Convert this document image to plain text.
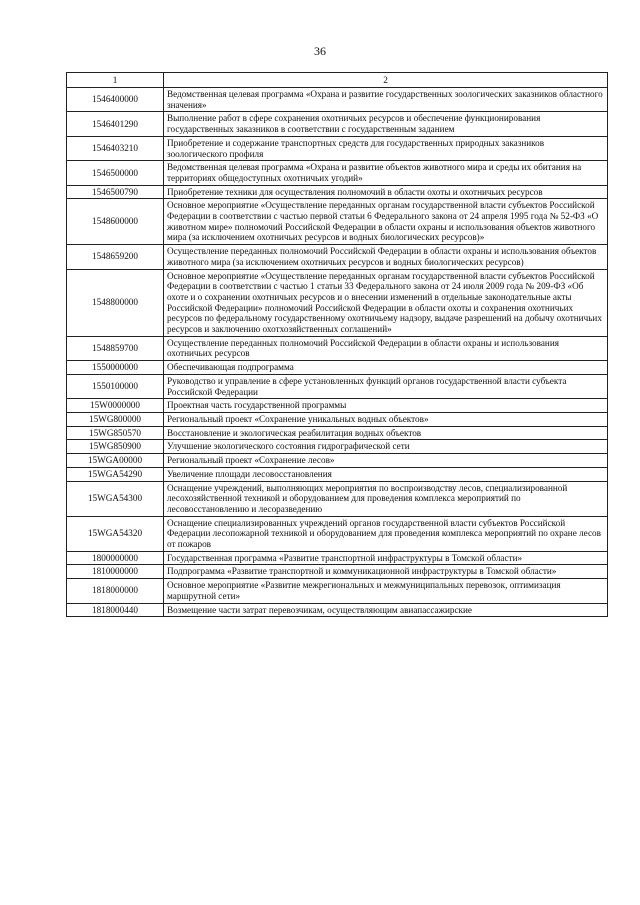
36
1	2
1546400000	Ведомственная целевая программа «Охрана и развитие государственных зоологических заказников областного значения»
1546401290	Выполнение работ в сфере сохранения охотничьих ресурсов и обеспечение функционирования государственных заказников в соответствии с государственным заданием
1546403210	Приобретение и содержание транспортных средств для государственных природных заказников зоологического профиля
1546500000	Ведомственная целевая программа «Охрана и развитие объектов животного мира и среды их обитания на территориях общедоступных охотничьих угодий»
1546500790	Приобретение техники для осуществления полномочий в области охоты и охотничьих ресурсов
1548600000	Основное мероприятие «Осуществление переданных органам государственной власти субъектов Российской Федерации в соответствии с частью первой статьи 6 Федерального закона от 24 апреля 1995 года № 52-ФЗ «О животном мире» полномочий Российской Федерации в области охраны и использования объектов животного мира (за исключением охотничьих ресурсов и водных биологических ресурсов)»
1548659200	Осуществление переданных полномочий Российской Федерации в области охраны и использования объектов животного мира (за исключением охотничьих ресурсов и водных биологических ресурсов)
1548800000	Основное мероприятие «Осуществление переданных органам государственной власти субъектов Российской Федерации в соответствии с частью 1 статьи 33 Федерального закона от 24 июля 2009 года № 209-ФЗ «Об охоте и о сохранении охотничьих ресурсов и о внесении изменений в отдельные законодательные акты Российской Федерации» полномочий Российской Федерации в области охоты и сохранения охотничьих ресурсов по федеральному государственному охотничьему надзору, выдаче разрешений на добычу охотничьих ресурсов и заключению охотхозяйственных соглашений»
1548859700	Осуществление переданных полномочий Российской Федерации в области охраны и использования охотничьих ресурсов
1550000000	Обеспечивающая подпрограмма
1550100000	Руководство и управление в сфере установленных функций органов государственной власти субъекта Российской Федерации
15W0000000	Проектная часть государственной программы
15WG800000	Региональный проект «Сохранение уникальных водных объектов»
15WG850570	Восстановление и экологическая реабилитация водных объектов
15WG850900	Улучшение экологического состояния гидрографической сети
15WGA00000	Региональный проект «Сохранение лесов»
15WGA54290	Увеличение площади лесовосстановления
15WGA54300	Оснащение учреждений, выполняющих мероприятия по воспроизводству лесов, специализированной лесохозяйственной техникой и оборудованием для проведения комплекса мероприятий по лесовосстановлению и лесоразведению
15WGA54320	Оснащение специализированных учреждений органов государственной власти субъектов Российской Федерации лесопожарной техникой и оборудованием для проведения комплекса мероприятий по охране лесов от пожаров
1800000000	Государственная программа «Развитие транспортной инфраструктуры в Томской области»
1810000000	Подпрограмма «Развитие транспортной и коммуникационной инфраструктуры в Томской области»
1818000000	Основное мероприятие «Развитие межрегиональных и межмуниципальных перевозок, оптимизация маршрутной сети»
1818000440	Возмещение части затрат перевозчикам, осуществляющим авиапассажирские
